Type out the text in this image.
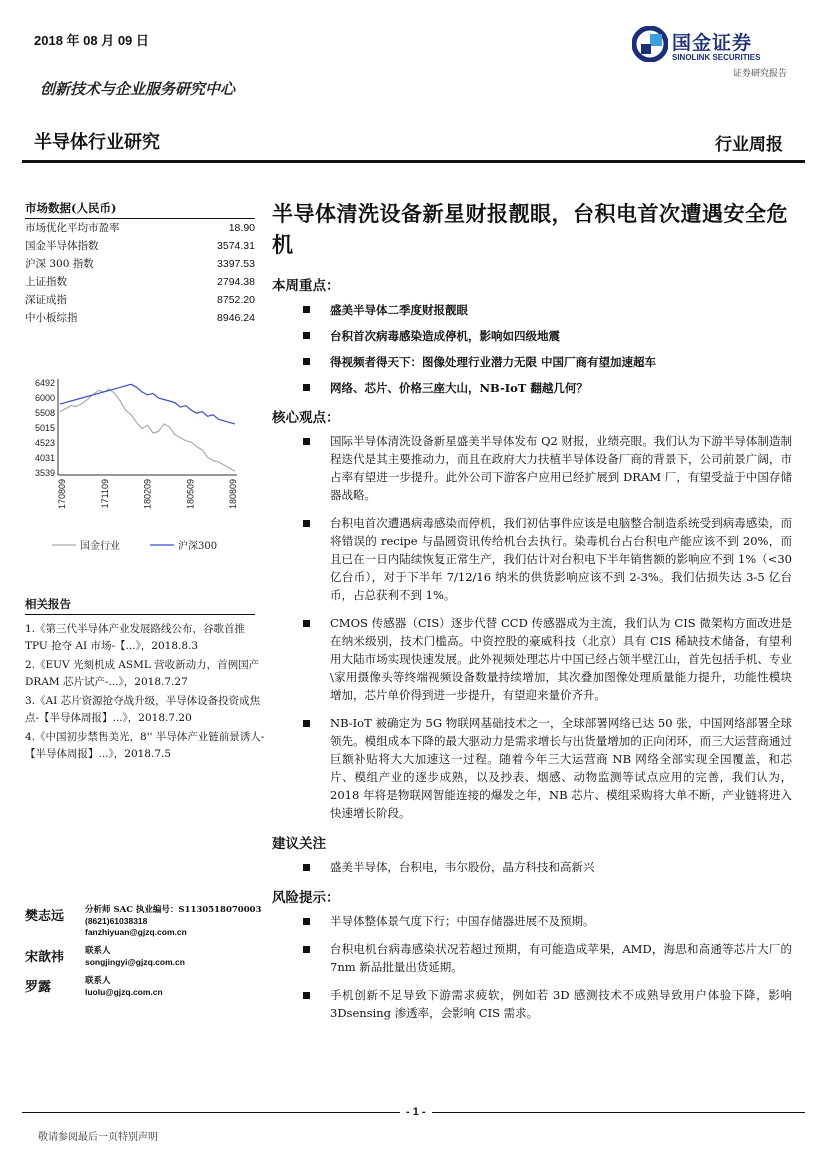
2018 年 08 月 09 日	国金证券
SINOLINK SECURITIES
证券研究报告
创新技术与企业服务研究中心
半导体行业研究	行业周报
市场数据(人民币)
市场优化平均市盈率	18.90
国金半导体指数	3574.31
沪深 300 指数	3397.53
上证指数	2794.38
深证成指	8752.20
中小板综指	8946.24
6492
6000
5508
5015
4523
4031
3539
170809	171109	180209	180509	180809
国金行业	沪深300
相关报告
1.《第三代半导体产业发展路线公布，谷歌首推 TPU 抢夺 AI 市场-【...》，2018.8.3
2.《EUV 光刻机成 ASML 营收新动力，首例国产 DRAM 芯片试产-...》，2018.7.27
3.《AI 芯片资源抢夺战升级，半导体设备投资成焦点-【半导体周报】...》，2018.7.20
4.《中国初步禁售美光，8'' 半导体产业链前景诱人-【半导体周报】...》，2018.7.5
樊志远	分析师 SAC 执业编号：S1130518070003
(8621)61038318
fanzhiyuan@gjzq.com.cn
宋歆祎	联系人
songjingyi@gjzq.com.cn
罗露	联系人
luolu@gjzq.com.cn
半导体清洗设备新星财报靓眼，台积电首次遭遇安全危机
本周重点：
盛美半导体二季度财报靓眼
台积首次病毒感染造成停机，影响如四级地震
得视频者得天下：图像处理行业潜力无限 中国厂商有望加速超车
网络、芯片、价格三座大山，NB-IoT 翻越几何？
核心观点：
国际半导体清洗设备新星盛美半导体发布 Q2 财报，业绩亮眼。我们认为下游半导体制造制程迭代是其主要推动力，而且在政府大力扶植半导体设备厂商的背景下，公司前景广阔，市占率有望进一步提升。此外公司下游客户应用已经扩展到 DRAM 厂，有望受益于中国存储器战略。
台积电首次遭遇病毒感染而停机，我们初估事件应该是电脑整合制造系统受到病毒感染，而将错误的 recipe 与晶圆资讯传给机台去执行。染毒机台占台积电产能应该不到 20%，而且已在一日内陆续恢复正常生产，我们估计对台积电下半年销售额的影响应不到 1%（<30 亿台币），对于下半年 7/12/16 纳米的供货影响应该不到 2-3%。我们估损失达 3-5 亿台币，占总获利不到 1%。
CMOS 传感器（CIS）逐步代替 CCD 传感器成为主流，我们认为 CIS 微架构方面改进是在纳米级别，技术门槛高。中资控股的豪威科技（北京）具有 CIS 稀缺技术储备，有望利用大陆市场实现快速发展。此外视频处理芯片中国已经占领半壁江山，首先包括手机、专业\家用摄像头等终端视频设备数量持续增加，其次叠加图像处理质量能力提升，功能性模块增加，芯片单价得到进一步提升，有望迎来量价齐升。
NB-IoT 被确定为 5G 物联网基础技术之一，全球部署网络已达 50 张，中国网络部署全球领先。模组成本下降的最大驱动力是需求增长与出货量增加的正向闭环，而三大运营商通过巨额补贴将大大加速这一过程。随着今年三大运营商 NB 网络全部实现全国覆盖，和芯片、模组产业的逐步成熟，以及抄表、烟感、动物监测等试点应用的完善，我们认为，2018 年将是物联网智能连接的爆发之年，NB 芯片、模组采购将大单不断，产业链将进入快速增长阶段。
建议关注
盛美半导体，台积电，韦尔股份，晶方科技和高新兴
风险提示：
半导体整体景气度下行；中国存储器进展不及预期。
台积电机台病毒感染状况若超过预期，有可能造成苹果，AMD，海思和高通等芯片大厂的 7nm 新品批量出货延期。
手机创新不足导致下游需求疲软，例如若 3D 感测技术不成熟导致用户体验下降，影响 3Dsensing 渗透率，会影响 CIS 需求。
- 1 -
敬请参阅最后一页特别声明
